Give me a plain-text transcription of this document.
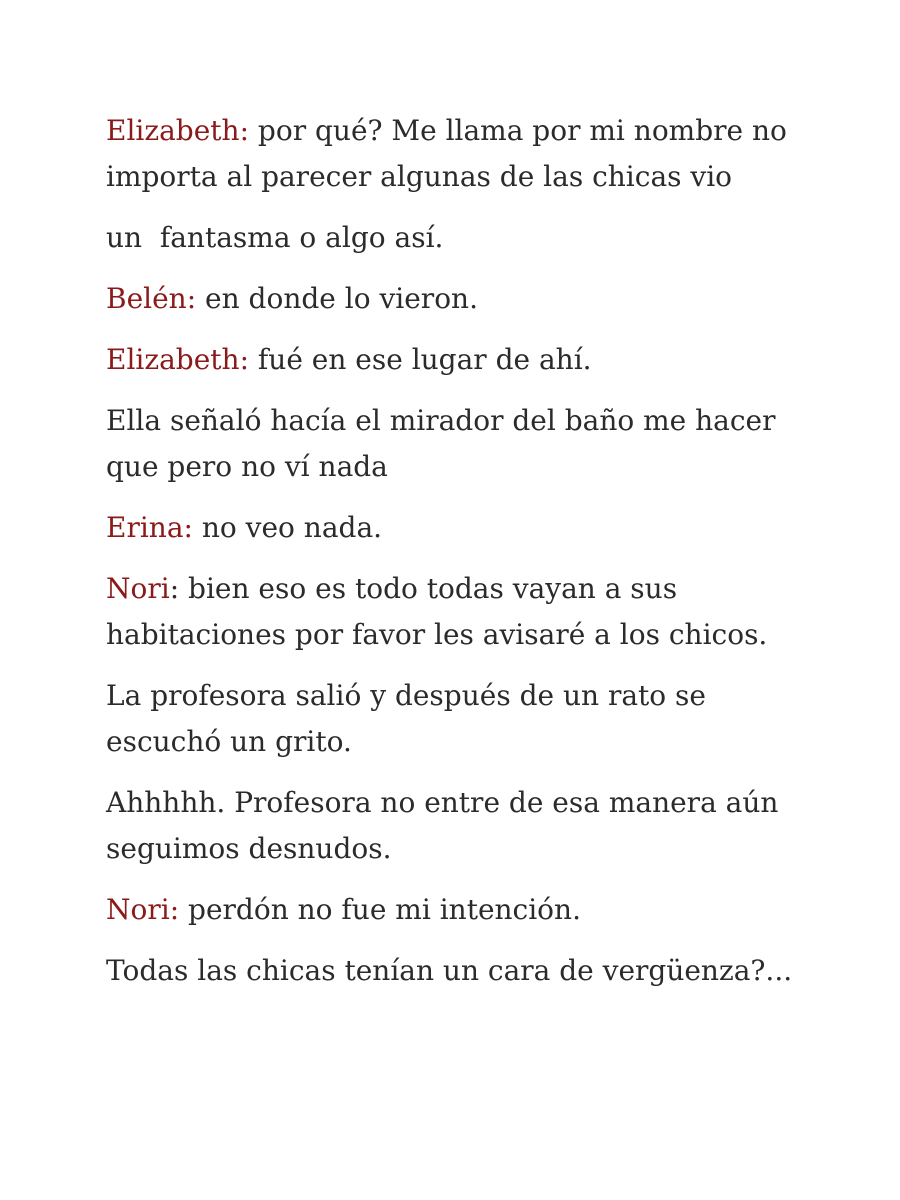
Elizabeth: por qué? Me llama por mi nombre no importa al parecer algunas de las chicas vio

un  fantasma o algo así.

Belén: en donde lo vieron.

Elizabeth: fué en ese lugar de ahí.

Ella señaló hacía el mirador del baño me hacer que pero no ví nada

Erina: no veo nada.

Nori: bien eso es todo todas vayan a sus habitaciones por favor les avisaré a los chicos.

La profesora salió y después de un rato se escuchó un grito.

Ahhhhh. Profesora no entre de esa manera aún seguimos desnudos.

Nori: perdón no fue mi intención.

Todas las chicas tenían un cara de vergüenza?...
